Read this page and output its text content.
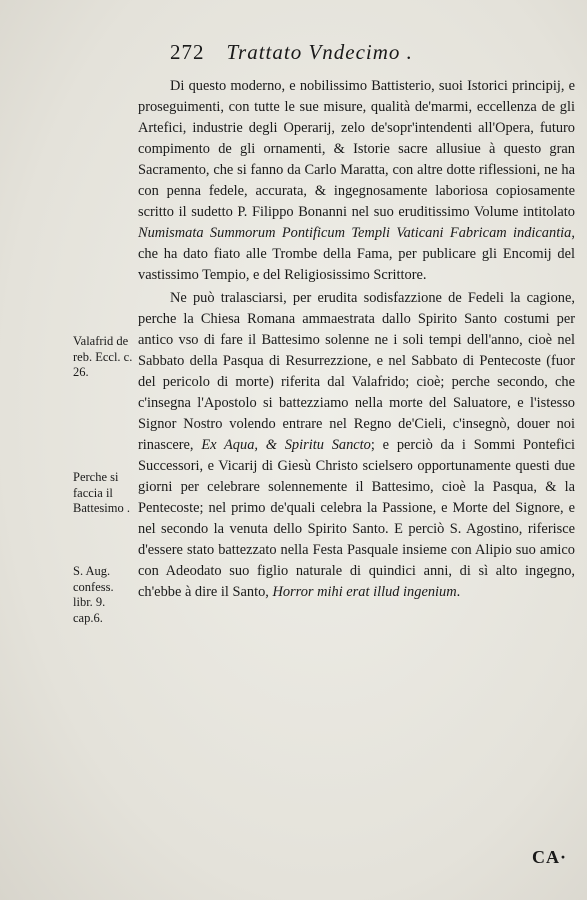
272 Trattato Vndecimo .

Di questo moderno, e nobilissimo Battisterio, suoi Istorici principij, e proseguimenti, con tutte le sue misure, qualità de'marmi, eccellenza de gli Artefici, industrie degli Operarij, zelo de'sopr'intendenti all'Opera, futuro compimento de gli ornamenti, & Istorie sacre allusiue à questo gran Sacramento, che si fanno da Carlo Maratta, con altre dotte riflessioni, ne ha con penna fedele, accurata, & ingegnosamente laboriosa copiosamente scritto il sudetto P. Filippo Bonanni nel suo eruditissimo Volume intitolato Numismata Summorum Pontificum Templi Vaticani Fabricam indicantia, che ha dato fiato alle Trombe della Fama, per publicare gli Encomij del vastissimo Tempio, e del Religiosissimo Scrittore.

Ne può tralasciarsi, per erudita sodisfazzione de Fedeli la cagione, perche la Chiesa Romana ammaestrata dallo Spirito Santo costumi per antico vso di fare il Battesimo solenne ne i soli tempi dell'anno, cioè nel Sabbato della Pasqua di Resurrezzione, e nel Sabbato di Pentecoste (fuor del pericolo di morte) riferita dal Valafrido; cioè; perche secondo, che c'insegna l'Apostolo si battezziamo nella morte del Saluatore, e l'istesso Signor Nostro volendo entrare nel Regno de'Cieli, c'insegnò, douer noi rinascere, Ex Aqua, & Spiritu Sancto; e perciò da i Sommi Pontefici Successori, e Vicarij di Giesù Christo scielsero opportunamente questi due giorni per celebrare solennemente il Battesimo, cioè la Pasqua, & la Pentecoste; nel primo de'quali celebra la Passione, e Morte del Signore, e nel secondo la venuta dello Spirito Santo. E perciò S. Agostino, riferisce d'essere stato battezzato nella Festa Pasquale insieme con Alipio suo amico con Adeodato suo figlio naturale di quindici anni, di sì alto ingegno, ch'ebbe à dire il Santo, Horror mihi erat illud ingenium.

Valafrid de reb. Eccl. c. 26.
Perche si faccia il Battesimo .
S. Aug. confess. libr. 9. cap.6.
CA·
